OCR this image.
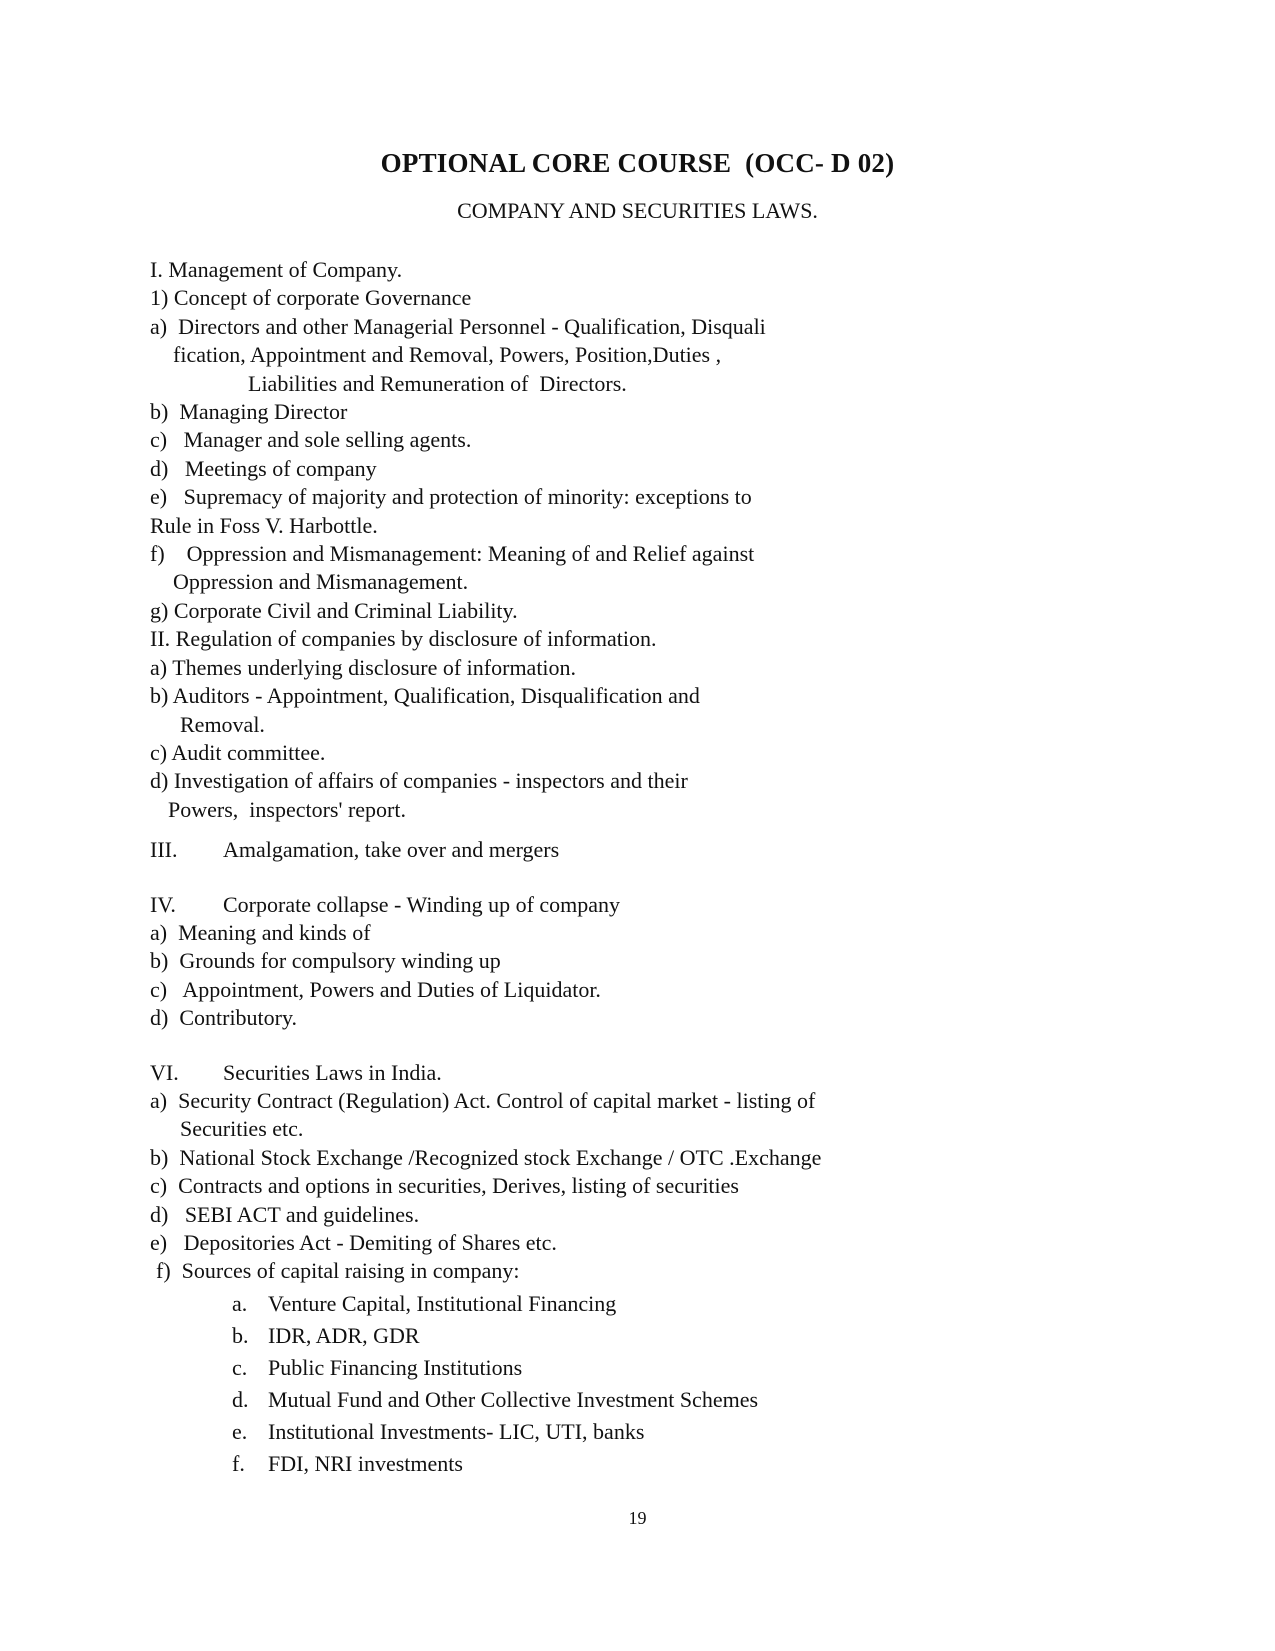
OPTIONAL CORE COURSE  (OCC- D 02)
COMPANY AND SECURITIES LAWS.

I. Management of Company.

1) Concept of corporate Governance

a)  Directors and other Managerial Personnel - Qualification, Disquali

fication, Appointment and Removal, Powers, Position,Duties ,

Liabilities and Remuneration of  Directors.

b)  Managing Director

c)   Manager and sole selling agents.

d)   Meetings of company

e)   Supremacy of majority and protection of minority: exceptions to

Rule in Foss V. Harbottle.

f)    Oppression and Mismanagement: Meaning of and Relief against

Oppression and Mismanagement.

g) Corporate Civil and Criminal Liability.

II. Regulation of companies by disclosure of information.

a) Themes underlying disclosure of information.

b) Auditors - Appointment, Qualification, Disqualification and

Removal.

c) Audit committee.

d) Investigation of affairs of companies - inspectors and their

Powers,  inspectors' report.

III.	Amalgamation, take over and mergers
IV.	Corporate collapse - Winding up of company

a)  Meaning and kinds of

b)  Grounds for compulsory winding up

c)   Appointment, Powers and Duties of Liquidator.

d)  Contributory.

VI.	Securities Laws in India.

a)  Security Contract (Regulation) Act. Control of capital market - listing of

Securities etc.

b)  National Stock Exchange /Recognized stock Exchange / OTC .Exchange

c)  Contracts and options in securities, Derives, listing of securities

d)   SEBI ACT and guidelines.

e)   Depositories Act - Demiting of Shares etc.

f)  Sources of capital raising in company:

a. Venture Capital, Institutional Financing
b. IDR, ADR, GDR
c. Public Financing Institutions
d. Mutual Fund and Other Collective Investment Schemes
e. Institutional Investments- LIC, UTI, banks
f.	FDI, NRI investments
19
